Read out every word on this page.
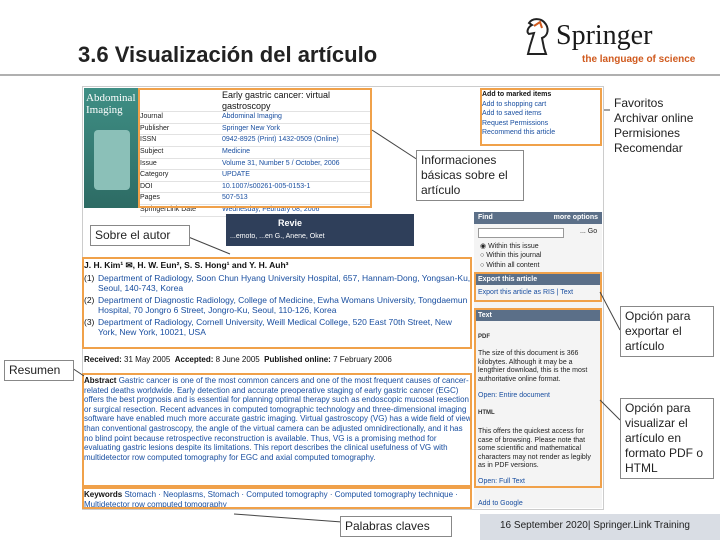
3.6 Visualización del artículo
Springer
the language of science
Abdominal
Imaging
Early gastric cancer: virtual gastroscopy
Journal	Abdominal Imaging
Publisher	Springer New York
ISSN	0942-8925 (Print) 1432-0509 (Online)
Subject	Medicine
Issue	Volume 31, Number 5 / October, 2006
Category	UPDATE
DOI	10.1007/s00261-005-0153-1
Pages	507-513
SpringerLink Date	Wednesday, February 08, 2006
Add to marked items
Add to shopping cart
Add to saved items
Request Permissions
Recommend this article
Revie
...emoto, ...en G., Anene, Oket
Find	more options
... Go
◉ Within this issue
○ Within this journal
○ Within all content
Export this article
Export this article as RIS | Text
Text
PDF
The size of this document is 366 kilobytes. Although it may be a lengthier download, this is the most authoritative online format.
Open: Entire document
HTML
This offers the quickest access for case of browsing. Please note that some scientific and mathematical characters may not render as legibly as in PDF versions.
Open: Full Text
Add to Google
J. H. Kim¹ ✉, H. W. Eun², S. S. Hong¹ and Y. H. Auh³
(1) Department of Radiology, Soon Chun Hyang University Hospital, 657, Hannam-Dong, Yongsan-Ku, Seoul, 140-743, Korea
(2) Department of Diagnostic Radiology, College of Medicine, Ewha Womans University, Tongdaemun Hospital, 70 Jongro 6 Street, Jongro-Ku, Seoul, 110-126, Korea
(3) Department of Radiology, Cornell University, Weill Medical College, 520 East 70th Street, New York, New York, 10021, USA
Received: 31 May 2005 Accepted: 8 June 2005 Published online: 7 February 2006
Abstract Gastric cancer is one of the most common cancers and one of the most frequent causes of cancer-related deaths worldwide. Early detection and accurate preoperative staging of early gastric cancer (EGC) offers the best prognosis and is essential for planning optimal therapy such as endoscopic mucosal resection or surgical resection. Recent advances in computed tomographic technology and three-dimensional imaging software have enabled much more accurate gastric imaging. Virtual gastroscopy (VG) has a wide field of view than conventional gastroscopy, the angle of the virtual camera can be adjusted omnidirectionally, and it has no blind point because retrospective reconstruction is available. Thus, VG is a promising method for evaluating gastric lesions despite its limitations. This report describes the clinical usefulness of VG with multidetector row computed tomography for EGC and axial computed tomography.
Keywords Stomach · Neoplasms, Stomach · Computed tomography · Computed tomography technique · Multidetector row computed tomography
Informaciones básicas sobre el artículo
Favoritos
Archivar online
Permisiones
Recomendar
Sobre el autor
Resumen
Opción para exportar el artículo
Opción para visualizar el artículo en formato PDF o HTML
Palabras claves	16 September 2020| Springer.Link Training
